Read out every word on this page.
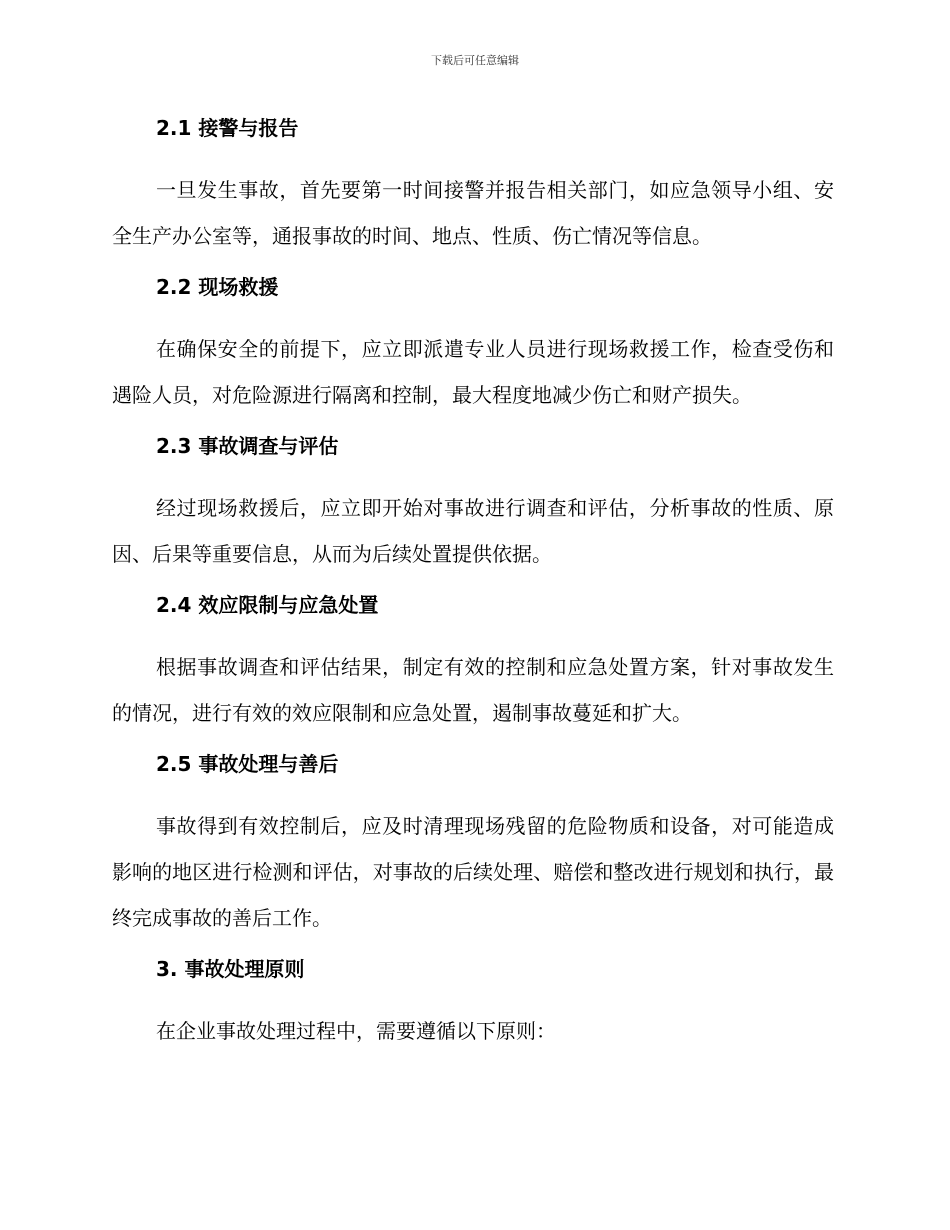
下载后可任意编辑
2.1 接警与报告

一旦发生事故，首先要第一时间接警并报告相关部门，如应急领导小组、安全生产办公室等，通报事故的时间、地点、性质、伤亡情况等信息。

2.2 现场救援

在确保安全的前提下，应立即派遣专业人员进行现场救援工作，检查受伤和遇险人员，对危险源进行隔离和控制，最大程度地减少伤亡和财产损失。

2.3 事故调查与评估

经过现场救援后，应立即开始对事故进行调查和评估，分析事故的性质、原因、后果等重要信息，从而为后续处置提供依据。

2.4 效应限制与应急处置

根据事故调查和评估结果，制定有效的控制和应急处置方案，针对事故发生的情况，进行有效的效应限制和应急处置，遏制事故蔓延和扩大。

2.5 事故处理与善后

事故得到有效控制后，应及时清理现场残留的危险物质和设备，对可能造成影响的地区进行检测和评估，对事故的后续处理、赔偿和整改进行规划和执行，最终完成事故的善后工作。

3. 事故处理原则

在企业事故处理过程中，需要遵循以下原则：
